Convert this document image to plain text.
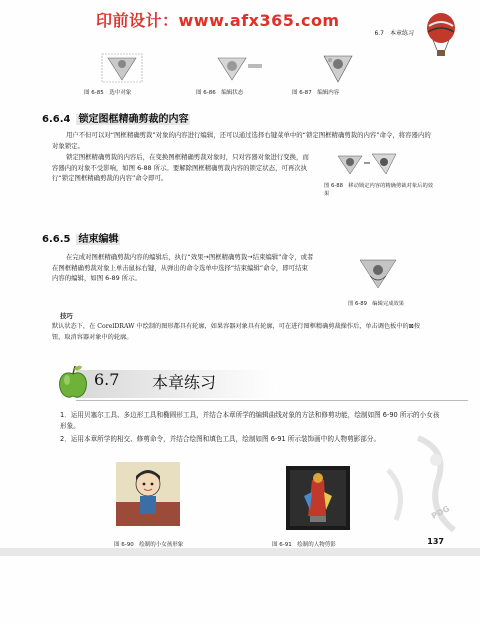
印前设计：www.afx365.com
6.7　本章练习
图 6-85　选中对象	图 6-86　编辑状态	图 6-87　编辑内容
6.6.4 锁定图框精确剪裁的内容
用户不但可以对“图框精确剪裁”对象的内容进行编辑，还可以通过选择右键菜单中的“锁定图框精确剪裁的内容”命令，将容器内的对象锁定。
锁定图框精确剪裁的内容后，在变换图框精确剪裁对象时，只对容器对象进行变换，而容器内的对象不受影响，如图 6-88 所示。要解除图框精确剪裁内容的锁定状态，可再次执行“锁定图框精确剪裁的内容”命令即可。
图 6-88　移动锁定内容的精确剪裁对象后的效果
6.6.5 结束编辑
在完成对图框精确剪裁内容的编辑后，执行“效果→图框精确剪裁→结束编辑”命令，或者在图框精确剪裁对象上单击鼠标右键，从弹出的命令选单中选择“结束编辑”命令，即可结束内容的编辑，如图 6-89 所示。
图 6-89　编辑完成效果
技巧
默认状态下，在 CorelDRAW 中绘制的图形都具有轮廓，如果容器对象具有轮廓，可在进行图框精确剪裁操作后，单击调色板中的⊠按钮，取消容器对象中的轮廓。
6.7 本章练习
1．运用贝塞尔工具、多边形工具和椭圆形工具，并结合本章所学的编辑曲线对象的方法和修剪功能，绘制如图 6-90 所示的小女孩形象。
2．运用本章所学的相交、修剪命令，并结合绘图和填色工具，绘制如图 6-91 所示装饰画中的人物剪影部分。
图 6-90　绘制的小女孩形象	图 6-91　绘制的人物剪影
PDG
137
